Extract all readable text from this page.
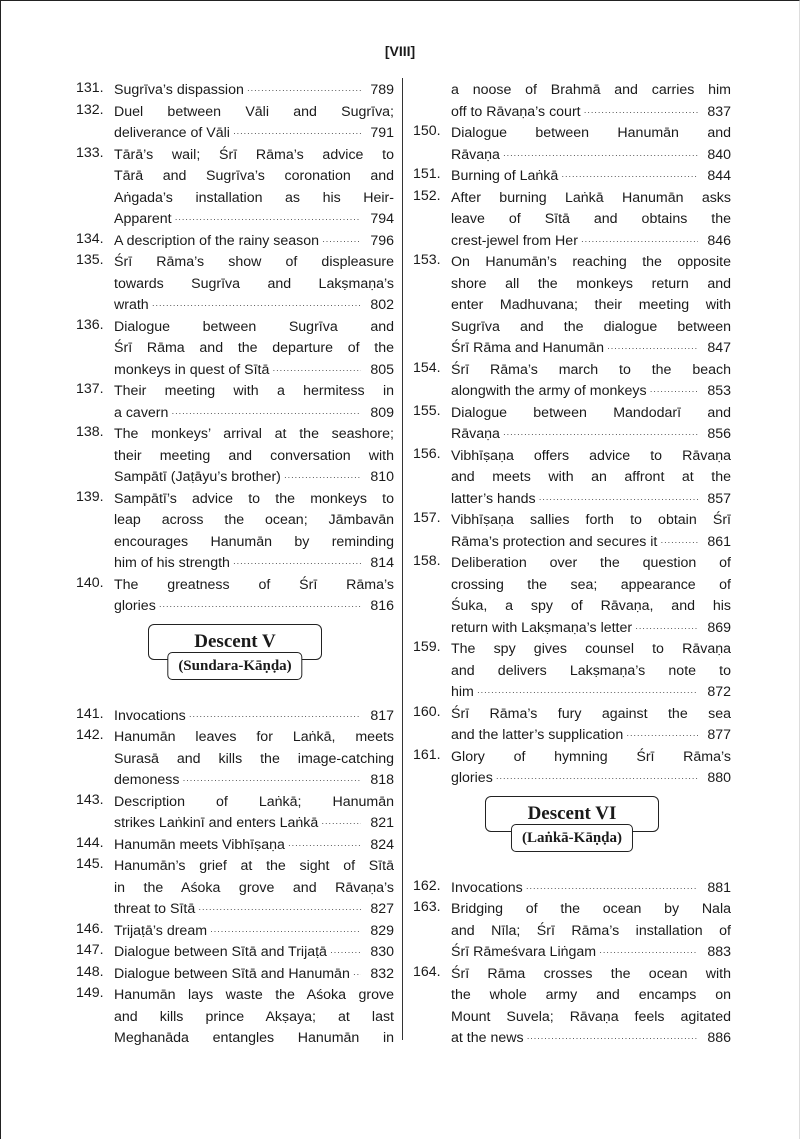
[VIII]
131. Sugrīva’s dispassion ·····	789
132. Duel between Vāli and Sugrīva;
deliverance of Vāli ·····	791
133. Tārā’s wail; Śrī Rāma’s advice to
Tārā and Sugrīva’s coronation and
Aṅgada’s installation as his Heir-
Apparent ·····	794
134. A description of the rainy season ·····	796
135. Śrī Rāma’s show of displeasure
towards Sugrīva and Lakṣmaṇa’s
wrath ·····	802
136. Dialogue between Sugrīva and
Śrī Rāma and the departure of the
monkeys in quest of Sītā ·····	805
137. Their meeting with a hermitess in
a cavern ·····	809
138. The monkeys’ arrival at the seashore;
their meeting and conversation with
Sampātī (Jaṭāyu’s brother) ·····	810
139. Sampātī’s advice to the monkeys to
leap across the ocean; Jāmbavān
encourages Hanumān by reminding
him of his strength ·····	814
140. The greatness of Śrī Rāma’s
glories ·····	816
Descent V
(Sundara-Kāṇḍa)
141. Invocations ·····	817
142. Hanumān leaves for Laṅkā, meets
Surasā and kills the image-catching
demoness ·····	818
143. Description of Laṅkā; Hanumān
strikes Laṅkinī and enters Laṅkā ·····	821
144. Hanumān meets Vibhīṣaṇa ·····	824
145. Hanumān’s grief at the sight of Sītā
in the Aśoka grove and Rāvaṇa’s
threat to Sītā ·····	827
146. Trijaṭā’s dream ·····	829
147. Dialogue between Sītā and Trijaṭā ·····	830
148. Dialogue between Sītā and Hanumān ·····	832
149. Hanumān lays waste the Aśoka grove
and kills prince Akṣaya; at last
Meghanāda entangles Hanumān in
a noose of Brahmā and carries him
off to Rāvaṇa’s court ·····	837
150. Dialogue between Hanumān and
Rāvaṇa ·····	840
151. Burning of Laṅkā ·····	844
152. After burning Laṅkā Hanumān asks
leave of Sītā and obtains the
crest-jewel from Her ·····	846
153. On Hanumān’s reaching the opposite
shore all the monkeys return and
enter Madhuvana; their meeting with
Sugrīva and the dialogue between
Śrī Rāma and Hanumān ·····	847
154. Śrī Rāma’s march to the beach
alongwith the army of monkeys ·····	853
155. Dialogue between Mandodarī and
Rāvaṇa ·····	856
156. Vibhīṣaṇa offers advice to Rāvaṇa
and meets with an affront at the
latter’s hands ·····	857
157. Vibhīṣaṇa sallies forth to obtain Śrī
Rāma’s protection and secures it ·····	861
158. Deliberation over the question of
crossing the sea; appearance of
Śuka, a spy of Rāvaṇa, and his
return with Lakṣmaṇa’s letter ·····	869
159. The spy gives counsel to Rāvaṇa
and delivers Lakṣmaṇa’s note to
him ·····	872
160. Śrī Rāma’s fury against the sea
and the latter’s supplication ·····	877
161. Glory of hymning Śrī Rāma’s
glories ·····	880
Descent VI
(Laṅkā-Kāṇḍa)
162. Invocations ·····	881
163. Bridging of the ocean by Nala
and Nīla; Śrī Rāma’s installation of
Śrī Rāmeśvara Liṅgam ·····	883
164. Śrī Rāma crosses the ocean with
the whole army and encamps on
Mount Suvela; Rāvaṇa feels agitated
at the news ·····	886
